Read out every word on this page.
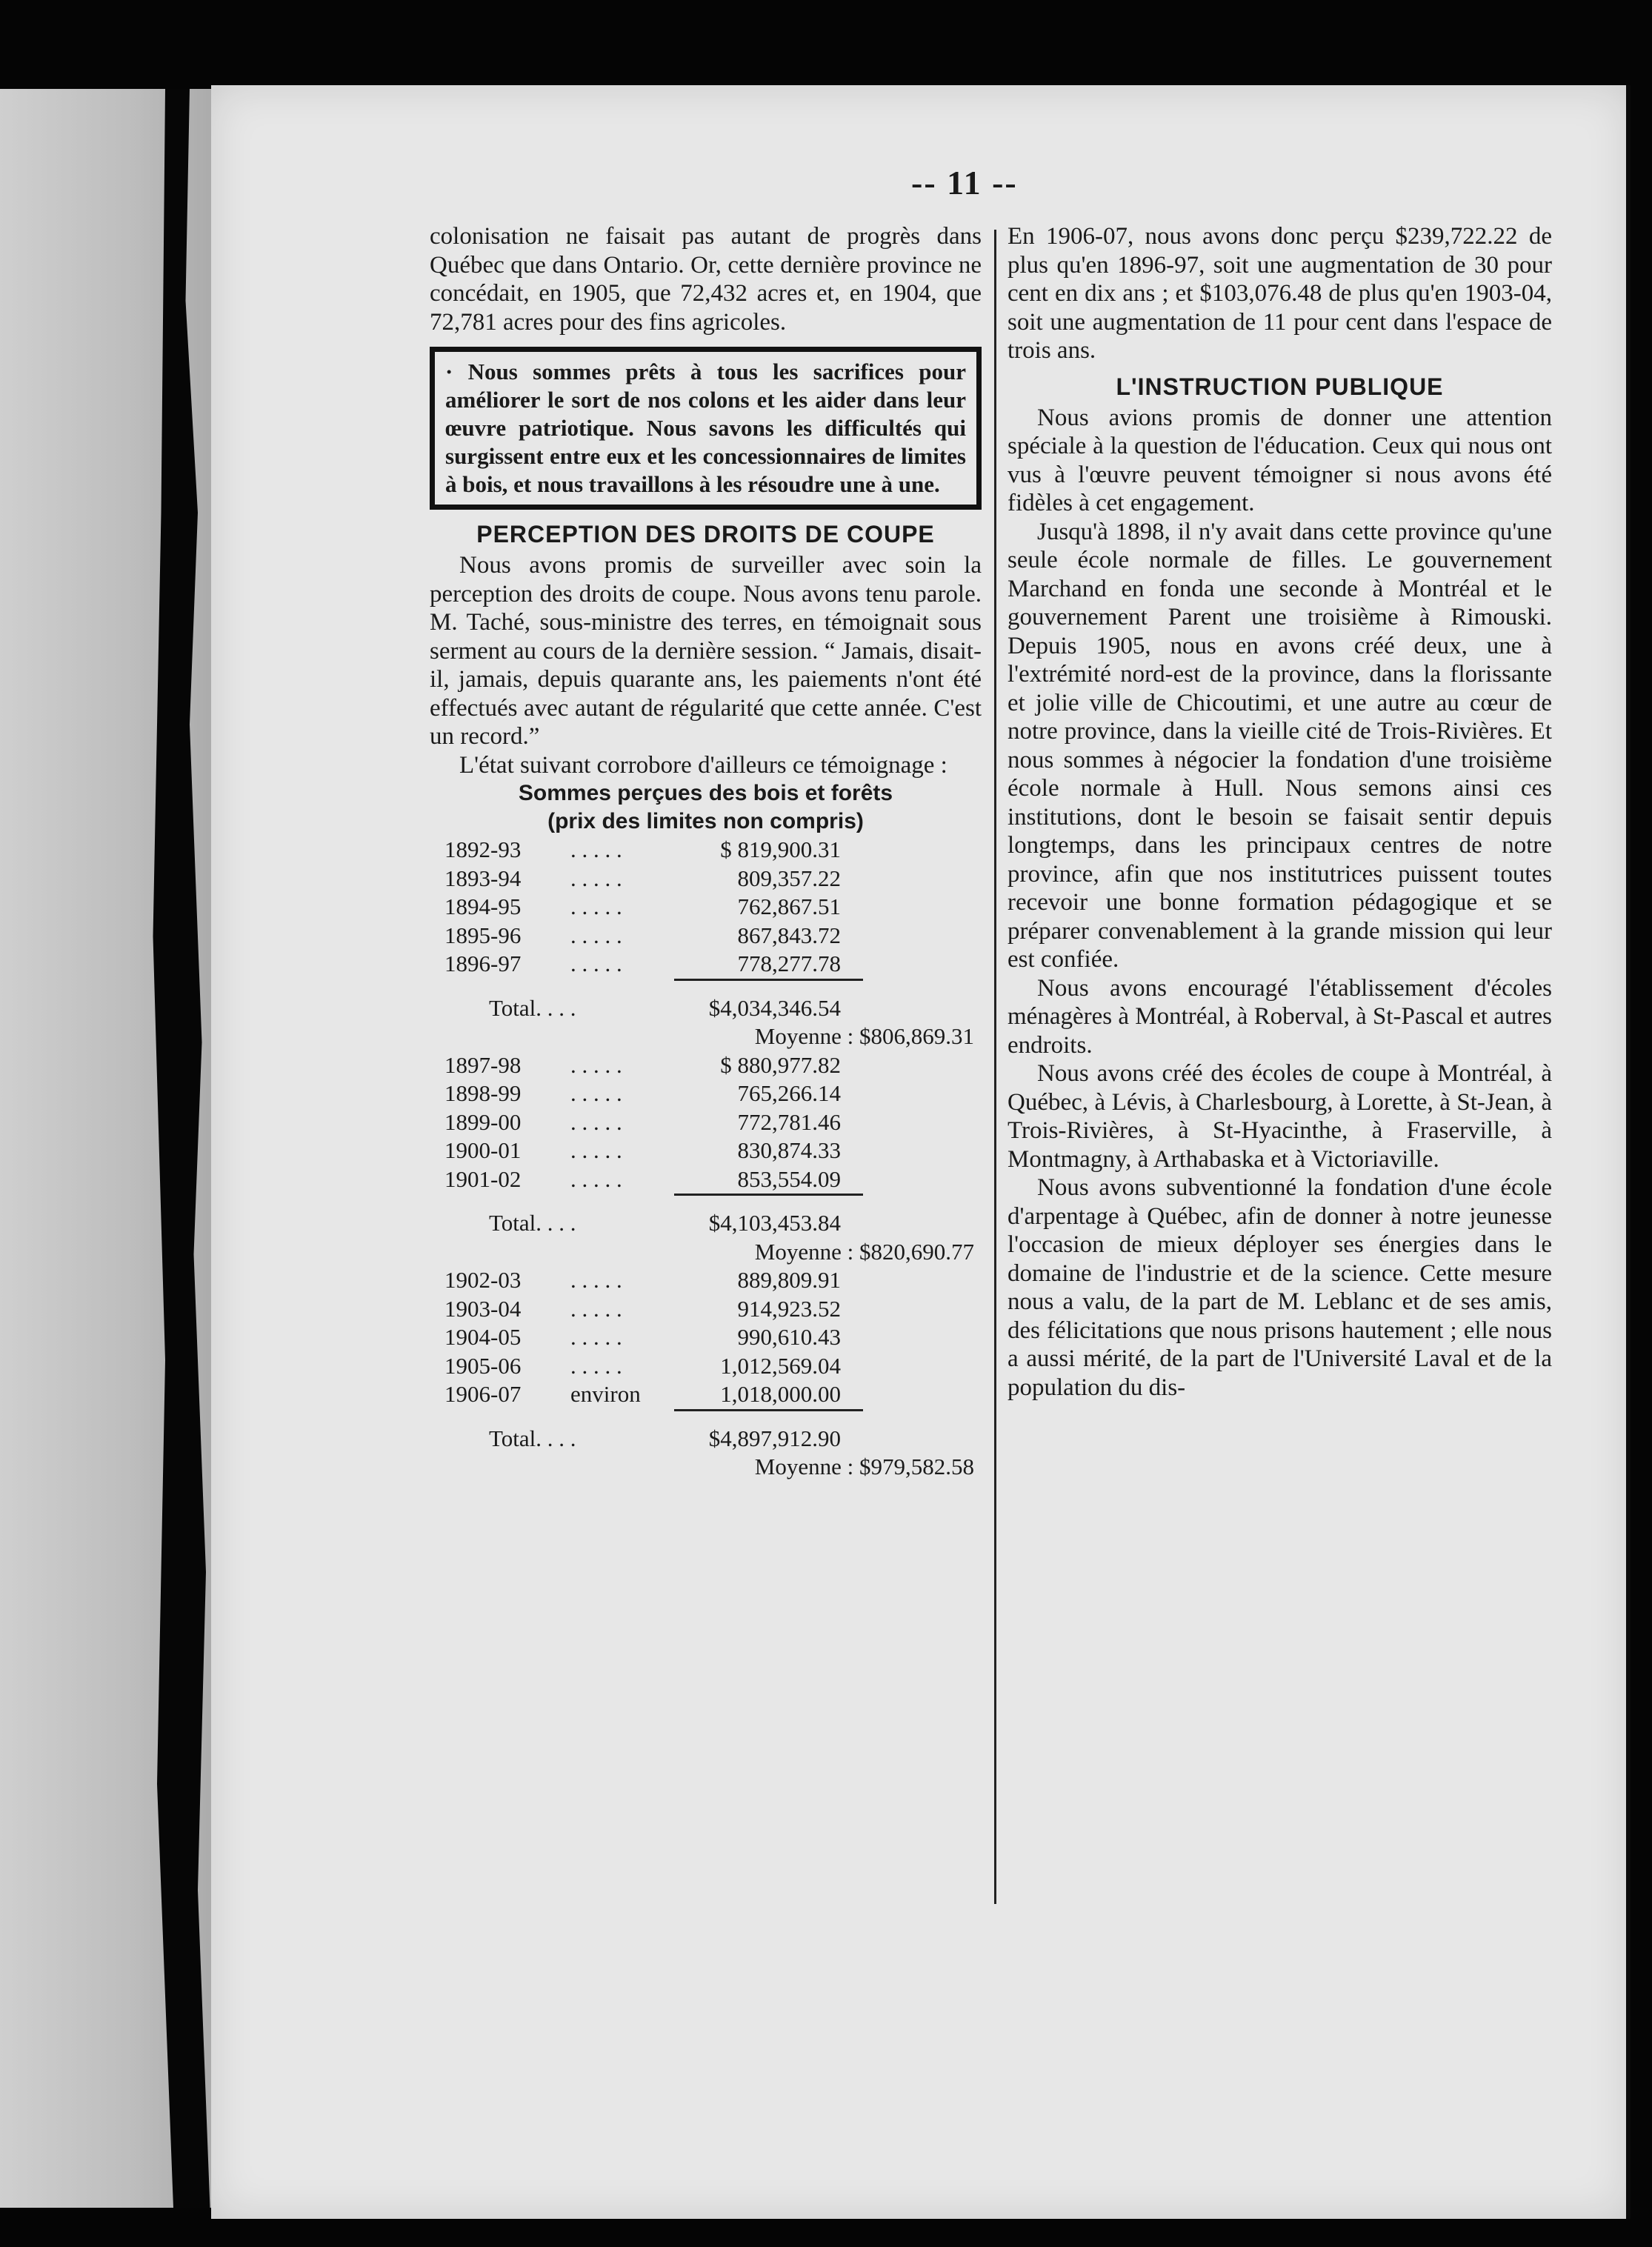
-- 11 --

colonisation ne faisait pas autant de progrès dans Québec que dans Ontario. Or, cette dernière province ne concédait, en 1905, que 72,432 acres et, en 1904, que 72,781 acres pour des fins agricoles.

· Nous sommes prêts à tous les sacrifices pour améliorer le sort de nos colons et les aider dans leur œuvre patriotique. Nous savons les difficultés qui surgissent entre eux et les concessionnaires de limites à bois, et nous travaillons à les résoudre une à une.
PERCEPTION DES DROITS DE COUPE

Nous avons promis de surveiller avec soin la perception des droits de coupe. Nous avons tenu parole. M. Taché, sous-ministre des terres, en témoignait sous serment au cours de la dernière session. “ Jamais, disait-il, jamais, depuis quarante ans, les paiements n'ont été effectués avec autant de régularité que cette année. C'est un record.”

L'état suivant corrobore d'ailleurs ce témoignage :

Sommes perçues des bois et forêts
(prix des limites non compris)
1892-93	. . . . .	$ 819,900.31
1893-94	. . . . .	809,357.22
1894-95	. . . . .	762,867.51
1895-96	. . . . .	867,843.72
1896-97	. . . . .	778,277.78

Total. . . .		$4,034,346.54
Moyenne : $806,869.31
1897-98	. . . . .	$ 880,977.82
1898-99	. . . . .	765,266.14
1899-00	. . . . .	772,781.46
1900-01	. . . . .	830,874.33
1901-02	. . . . .	853,554.09

Total. . . .		$4,103,453.84
Moyenne : $820,690.77
1902-03	. . . . .	889,809.91
1903-04	. . . . .	914,923.52
1904-05	. . . . .	990,610.43
1905-06	. . . . .	1,012,569.04
1906-07	environ	1,018,000.00

Total. . . .		$4,897,912.90
Moyenne : $979,582.58

En 1906-07, nous avons donc perçu $239,722.22 de plus qu'en 1896-97, soit une augmentation de 30 pour cent en dix ans ; et $103,076.48 de plus qu'en 1903-04, soit une augmentation de 11 pour cent dans l'espace de trois ans.

L'INSTRUCTION PUBLIQUE

Nous avions promis de donner une attention spéciale à la question de l'éducation. Ceux qui nous ont vus à l'œuvre peuvent témoigner si nous avons été fidèles à cet engagement.

Jusqu'à 1898, il n'y avait dans cette province qu'une seule école normale de filles. Le gouvernement Marchand en fonda une seconde à Montréal et le gouvernement Parent une troisième à Rimouski. Depuis 1905, nous en avons créé deux, une à l'extrémité nord-est de la province, dans la florissante et jolie ville de Chicoutimi, et une autre au cœur de notre province, dans la vieille cité de Trois-Rivières. Et nous sommes à négocier la fondation d'une troisième école normale à Hull. Nous semons ainsi ces institutions, dont le besoin se faisait sentir depuis longtemps, dans les principaux centres de notre province, afin que nos institutrices puissent toutes recevoir une bonne formation pédagogique et se préparer convenablement à la grande mission qui leur est confiée.

Nous avons encouragé l'établissement d'écoles ménagères à Montréal, à Roberval, à St-Pascal et autres endroits.

Nous avons créé des écoles de coupe à Montréal, à Québec, à Lévis, à Charlesbourg, à Lorette, à St-Jean, à Trois-Rivières, à St-Hyacinthe, à Fraserville, à Montmagny, à Arthabaska et à Victoriaville.

Nous avons subventionné la fondation d'une école d'arpentage à Québec, afin de donner à notre jeunesse l'occasion de mieux déployer ses énergies dans le domaine de l'industrie et de la science. Cette mesure nous a valu, de la part de M. Leblanc et de ses amis, des félicitations que nous prisons hautement ; elle nous a aussi mérité, de la part de l'Université Laval et de la population du dis-
